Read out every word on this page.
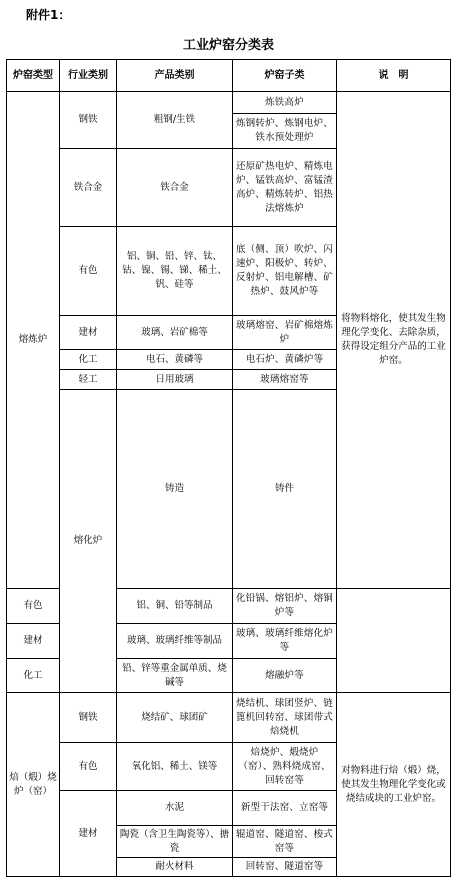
附件1：
工业炉窑分类表
炉窑类型	行业类别	产品类别	炉窑子类	说　明	
熔炼炉	钢铁	粗钢/生铁	炼铁高炉	将物料熔化，使其发生物理化学变化、去除杂质，获得设定组分产品的工业炉窑。	
			炼钢转炉、炼钢电炉、铁水预处理炉		
	铁合金	铁合金	还原矿热电炉、精炼电炉、锰铁高炉、富锰渣高炉、精炼转炉、铝热法熔炼炉		
	有色	铝、铜、铅、锌、钛、钴、镍、锡、锑、稀土、钒、硅等	底（侧、顶）吹炉、闪速炉、阳极炉、转炉、反射炉、铝电解槽、矿热炉、鼓风炉等		
	建材	玻璃、岩矿棉等	玻璃熔窑、岩矿棉熔炼炉		
	化工	电石、黄磷等	电石炉、黄磷炉等		
	轻工	日用玻璃	玻璃熔窑等		
	熔化炉	铸造	铸件		
有色		铝、铜、铅等制品	化铅锅、熔铝炉、熔铜炉等		
建材		玻璃、玻璃纤维等制品	玻璃、玻璃纤维熔化炉等		
化工		铅、锌等重金属单质、烧碱等	熔融炉等		
焙（煅）烧炉（窑）	钢铁	烧结矿、球团矿	烧结机、球团竖炉、链篦机回转窑、球团带式焙烧机	对物料进行焙（煅）烧，使其发生物理化学变化或烧结成块的工业炉窑。	
	有色	氧化铝、稀土、镁等	焙烧炉、煅烧炉（窑）、熟料烧成窑、回转窑等		
	建材	水泥	新型干法窑、立窑等		
		陶瓷（含卫生陶瓷等）、搪瓷	辊道窑、隧道窑、梭式窑等		
		耐火材料	回转窑、隧道窑等		
